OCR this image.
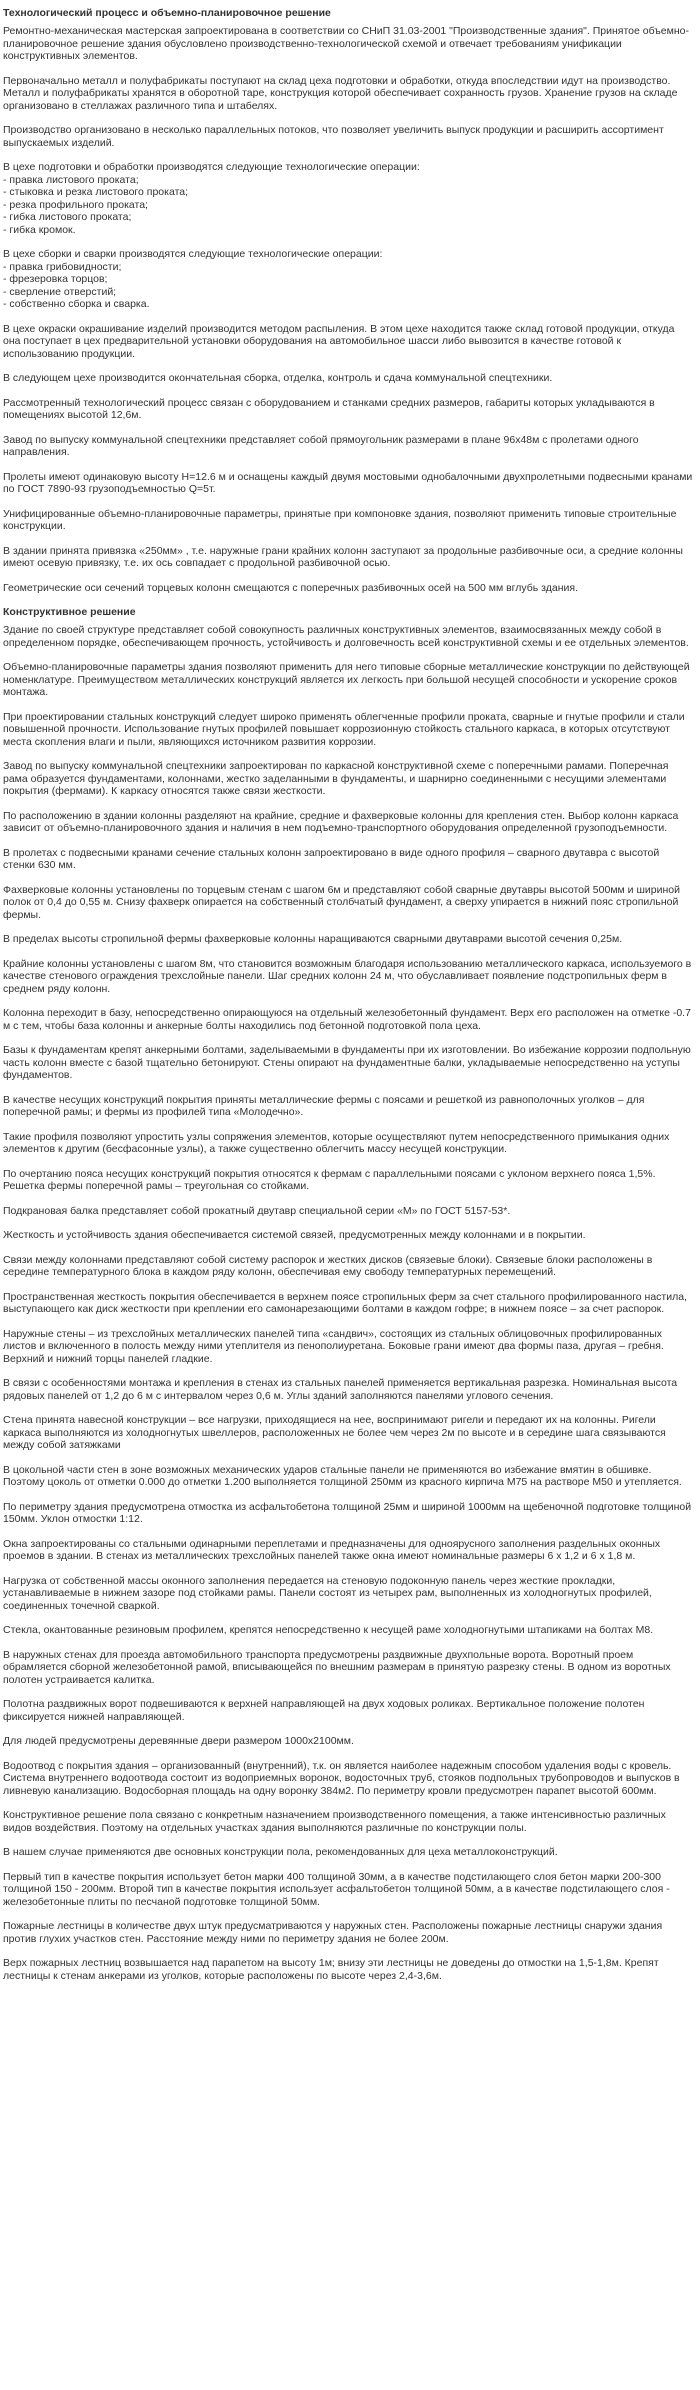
Технологический процесс и объемно-планировочное решение

Ремонтно-механическая мастерская запроектирована в соответствии со СНиП 31.03-2001 "Производственные здания". Принятое объемно-планировочное решение здания обусловлено производственно-технологической схемой и отвечает требованиям унификации конструктивных элементов.

Первоначально металл и полуфабрикаты поступают на склад цеха подготовки и обработки, откуда впоследствии идут на производство. Металл и полуфабрикаты хранятся в оборотной таре, конструкция которой обеспечивает сохранность грузов. Хранение грузов на складе организовано в стеллажах различного типа и штабелях.

Производство организовано в несколько параллельных потоков, что позволяет увеличить выпуск продукции и расширить ассортимент выпускаемых изделий.

В цехе подготовки и обработки производятся следующие технологические операции:
- правка листового проката;
- стыковка и резка листового проката;
- резка профильного проката;
- гибка листового проката;
- гибка кромок.

В цехе сборки и сварки производятся следующие технологические операции:
- правка грибовидности;
- фрезеровка торцов;
- сверление отверстий;
- собственно сборка и сварка.

В цехе окраски окрашивание изделий производится методом распыления. В этом цехе находится также склад готовой продукции, откуда она поступает в цех предварительной установки оборудования на автомобильное шасси либо вывозится в качестве готовой к использованию продукции.

В следующем цехе производится окончательная сборка, отделка, контроль и сдача коммунальной спецтехники.

Рассмотренный технологический процесс связан с оборудованием и станками средних размеров, габариты которых укладываются в помещениях высотой 12,6м.

Завод по выпуску коммунальной спецтехники представляет собой прямоугольник размерами в плане 96х48м с пролетами одного направления.

Пролеты имеют одинаковую высоту Н=12.6 м и оснащены каждый двумя мостовыми однобалочными двухпролетными подвесными кранами по ГОСТ 7890-93 грузоподъемностью Q=5т.

Унифицированные объемно-планировочные параметры, принятые при компоновке здания, позволяют применить типовые строительные конструкции.

В здании принята привязка «250мм» , т.е. наружные грани крайних колонн заступают за продольные разбивочные оси, а средние колонны имеют осевую привязку, т.е. их ось совпадает с продольной разбивочной осью.

Геометрические оси сечений торцевых колонн смещаются с поперечных разбивочных осей на 500 мм вглубь здания.

Конструктивное решение

Здание по своей структуре представляет собой совокупность различных конструктивных элементов, взаимосвязанных между собой в определенном порядке, обеспечивающем прочность, устойчивость и долговечность всей конструктивной схемы и ее отдельных элементов.

Объемно-планировочные параметры здания позволяют применить для него типовые сборные металлические конструкции по действующей номенклатуре. Преимуществом металлических конструкций является их легкость при большой несущей способности и ускорение сроков монтажа.

При проектировании стальных конструкций следует широко применять облегченные профили проката, сварные и гнутые профили и стали повышенной прочности. Использование гнутых профилей повышает коррозионную стойкость стального каркаса, в которых отсутствуют места скопления влаги и пыли, являющихся источником развития коррозии.

Завод по выпуску коммунальной спецтехники запроектирован по каркасной конструктивной схеме с поперечными рамами. Поперечная рама образуется фундаментами, колоннами, жестко заделанными в фундаменты, и шарнирно соединенными с несущими элементами покрытия (фермами). К каркасу относятся также связи жесткости.

По расположению в здании колонны разделяют на крайние, средние и фахверковые колонны для крепления стен. Выбор колонн каркаса зависит от объемно-планировочного здания и наличия в нем подъемно-транспортного оборудования определенной грузоподъемности.

В пролетах с подвесными кранами сечение стальных колонн запроектировано в виде одного профиля – сварного двутавра с высотой стенки 630 мм.

Фахверковые колонны установлены по торцевым стенам с шагом 6м и представляют собой сварные двутавры высотой 500мм и шириной полок от 0,4 до 0,55 м. Снизу фахверк опирается на собственный столбчатый фундамент, а сверху упирается в нижний пояс стропильной фермы.

В пределах высоты стропильной фермы фахверковые колонны наращиваются сварными двутаврами высотой сечения 0,25м.

Крайние колонны установлены с шагом 8м, что становится возможным благодаря использованию металлического каркаса, используемого в качестве стенового ограждения трехслойные панели. Шаг средних колонн 24 м, что обуславливает появление подстропильных ферм в среднем ряду колонн.

Колонна переходит в базу, непосредственно опирающуюся на отдельный железобетонный фундамент. Верх его расположен на отметке -0.7 м с тем, чтобы база колонны и анкерные болты находились под бетонной подготовкой пола цеха.

Базы к фундаментам крепят анкерными болтами, заделываемыми в фундаменты при их изготовлении. Во избежание коррозии подпольную часть колонн вместе с базой тщательно бетонируют. Стены опирают на фундаментные балки, укладываемые непосредственно на уступы фундаментов.

В качестве несущих конструкций покрытия приняты металлические фермы с поясами и решеткой из равнополочных уголков – для поперечной рамы; и фермы из профилей типа «Молодечно».

Такие профиля позволяют упростить узлы сопряжения элементов, которые осуществляют путем непосредственного примыкания одних элементов к другим (бесфасонные узлы), а также существенно облегчить массу несущей конструкции.

По очертанию пояса несущих конструкций покрытия относятся к фермам с параллельными поясами с уклоном верхнего пояса 1,5%. Решетка фермы поперечной рамы – треугольная со стойками.

Подкрановая балка представляет собой прокатный двутавр специальной серии «М» по ГОСТ 5157-53*.

Жесткость и устойчивость здания обеспечивается системой связей, предусмотренных между колоннами и в покрытии.

Связи между колоннами представляют собой систему распорок и жестких дисков (связевые блоки). Связевые блоки расположены в середине температурного блока в каждом ряду колонн, обеспечивая ему свободу температурных перемещений.

Пространственная жесткость покрытия обеспечивается в верхнем поясе стропильных ферм за счет стального профилированного настила, выступающего как диск жесткости при креплении его самонарезающими болтами в каждом гофре; в нижнем поясе – за счет распорок.

Наружные стены – из трехслойных металлических панелей типа «сандвич», состоящих из стальных облицовочных профилированных листов и включенного в полость между ними утеплителя из пенополиуретана. Боковые грани имеют два формы паза, другая – гребня. Верхний и нижний торцы панелей гладкие.

В связи с особенностями монтажа и крепления в стенах из стальных панелей применяется вертикальная разрезка. Номинальная высота рядовых панелей от 1,2 до 6 м с интервалом через 0,6 м. Углы зданий заполняются панелями углового сечения.

Стена принята навесной конструкции – все нагрузки, приходящиеся на нее, воспринимают ригели и передают их на колонны. Ригели каркаса выполняются из холодногнутых швеллеров, расположенных не более чем через 2м по высоте и в середине шага связываются между собой затяжками

В цокольной части стен в зоне возможных механических ударов стальные панели не применяются во избежание вмятин в обшивке. Поэтому цоколь от отметки 0.000 до отметки 1.200 выполняется толщиной 250мм из красного кирпича М75 на растворе М50 и утепляется.

По периметру здания предусмотрена отмостка из асфальтобетона толщиной 25мм и шириной 1000мм на щебеночной подготовке толщиной 150мм. Уклон отмостки 1:12.

Окна запроектированы со стальными одинарными переплетами и предназначены для одноярусного заполнения раздельных оконных проемов в здании. В стенах из металлических трехслойных панелей также окна имеют номинальные размеры 6 х 1,2 и 6 х 1,8 м.

Нагрузка от собственной массы оконного заполнения передается на стеновую подоконную панель через жесткие прокладки, устанавливаемые в нижнем зазоре под стойками рамы. Панели состоят из четырех рам, выполненных из холодногнутых профилей, соединенных точечной сваркой.

Стекла, окантованные резиновым профилем, крепятся непосредственно к несущей раме холодногнутыми штапиками на болтах М8.

В наружных стенах для проезда автомобильного транспорта предусмотрены раздвижные двухпольные ворота. Воротный проем обрамляется сборной железобетонной рамой, вписывающейся по внешним размерам в принятую разрезку стены. В одном из воротных полотен устраивается калитка.

Полотна раздвижных ворот подвешиваются к верхней направляющей на двух ходовых роликах. Вертикальное положение полотен фиксируется нижней направляющей.

Для людей предусмотрены деревянные двери размером 1000х2100мм.

Водоотвод с покрытия здания – организованный (внутренний), т.к. он является наиболее надежным способом удаления воды с кровель. Система внутреннего водоотвода состоит из водоприемных воронок, водосточных труб, стояков подпольных трубопроводов и выпусков в ливневую канализацию. Водосборная площадь на одну воронку 384м2. По периметру кровли предусмотрен парапет высотой 600мм.

Конструктивное решение пола связано с конкретным назначением производственного помещения, а также интенсивностью различных видов воздействия. Поэтому на отдельных участках здания выполняются различные по конструкции полы.

В нашем случае применяются две основных конструкции пола, рекомендованных для цеха металлоконструкций.

Первый тип в качестве покрытия использует бетон марки 400 толщиной 30мм, а в качестве подстилающего слоя бетон марки 200-300 толщиной 150 - 200мм. Второй тип в качестве покрытия использует асфальтобетон толщиной 50мм, а в качестве подстилающего слоя - железобетонные плиты по песчаной подготовке толщиной 50мм.

Пожарные лестницы в количестве двух штук предусматриваются у наружных стен. Расположены пожарные лестницы снаружи здания против глухих участков стен. Расстояние между ними по периметру здания не более 200м.

Верх пожарных лестниц возвышается над парапетом на высоту 1м; внизу эти лестницы не доведены до отмостки на 1,5-1,8м. Крепят лестницы к стенам анкерами из уголков, которые расположены по высоте через 2,4-3,6м.
